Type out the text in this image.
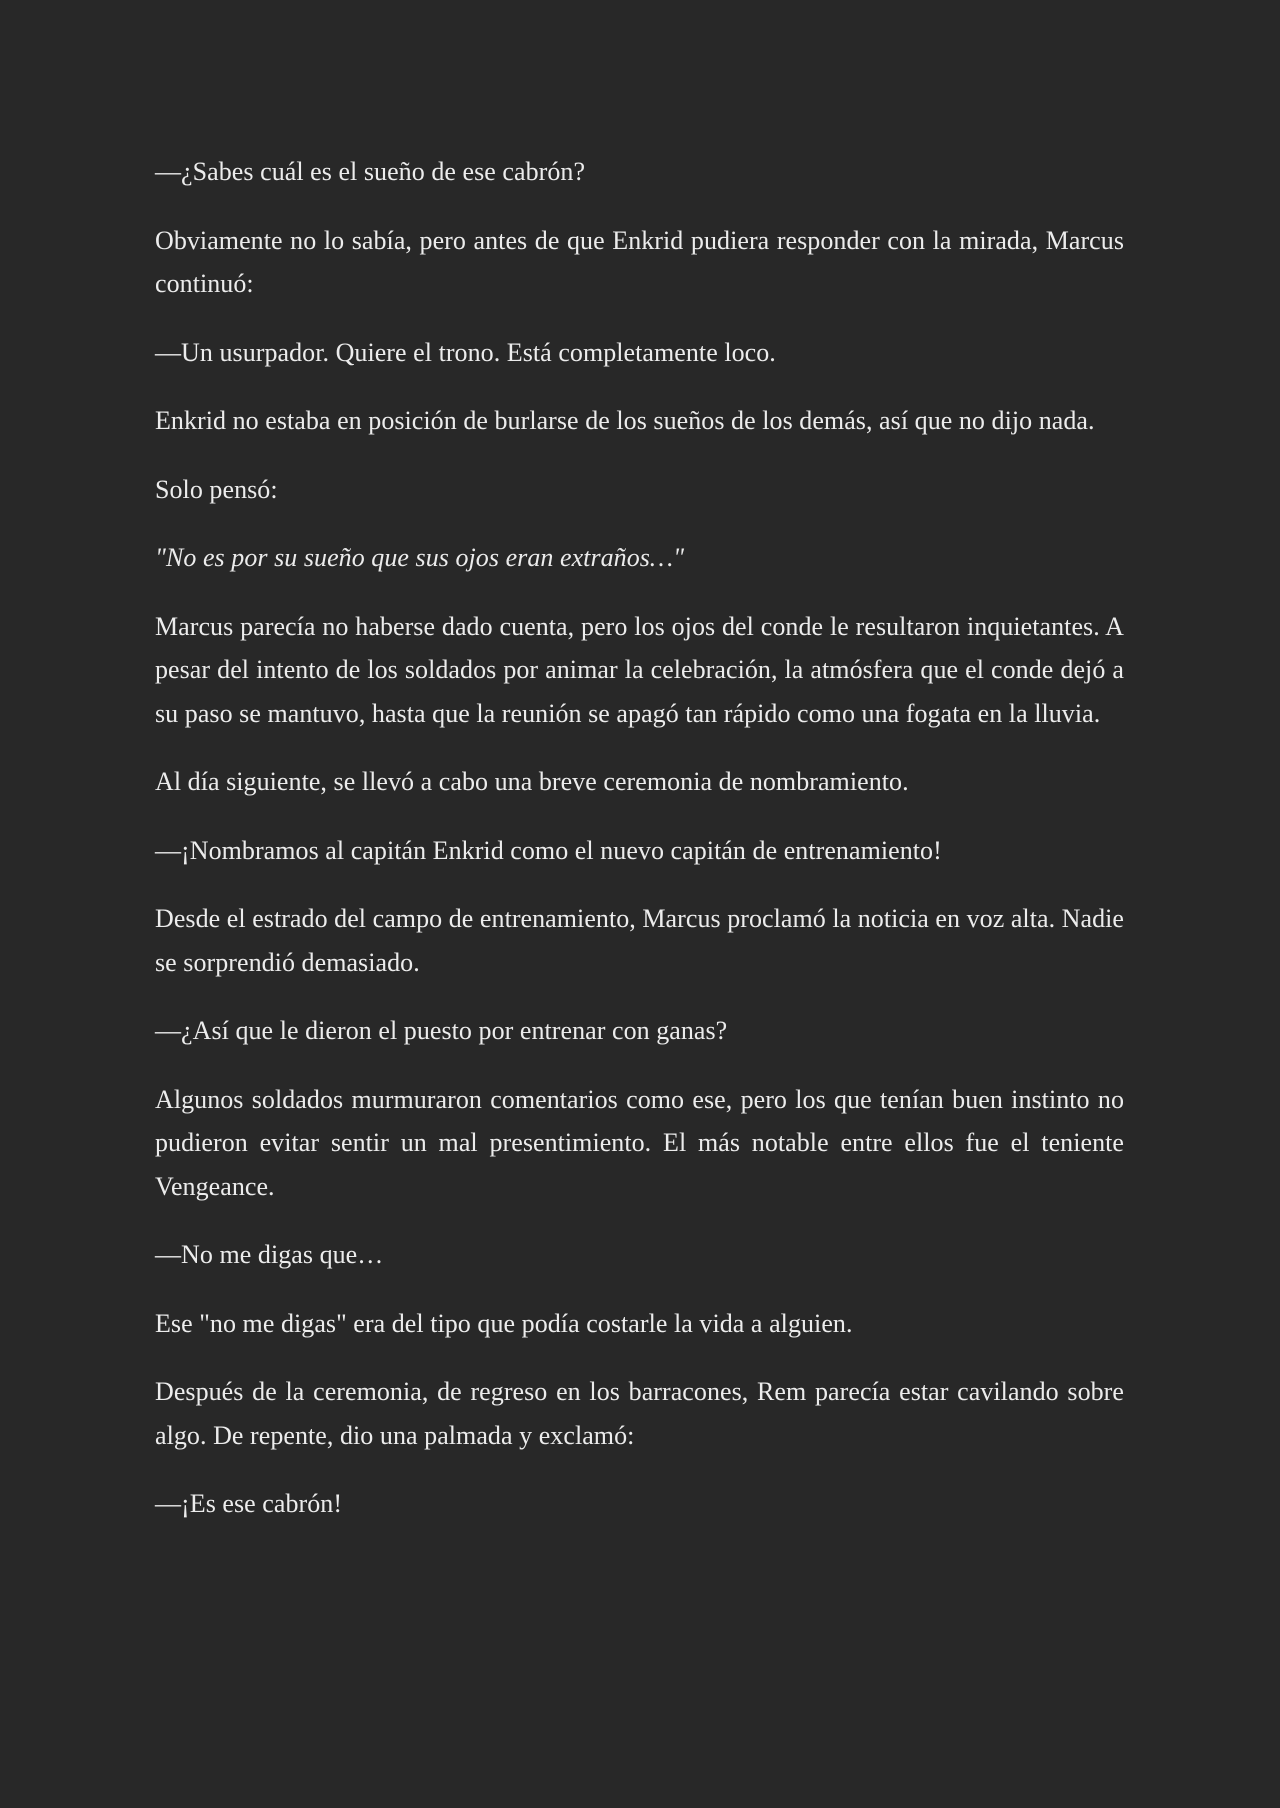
—¿Sabes cuál es el sueño de ese cabrón?

Obviamente no lo sabía, pero antes de que Enkrid pudiera responder con la mirada, Marcus continuó:

—Un usurpador. Quiere el trono. Está completamente loco.

Enkrid no estaba en posición de burlarse de los sueños de los demás, así que no dijo nada.

Solo pensó:

"No es por su sueño que sus ojos eran extraños…"

Marcus parecía no haberse dado cuenta, pero los ojos del conde le resultaron inquietantes. A pesar del intento de los soldados por animar la celebración, la atmósfera que el conde dejó a su paso se mantuvo, hasta que la reunión se apagó tan rápido como una fogata en la lluvia.

Al día siguiente, se llevó a cabo una breve ceremonia de nombramiento.

—¡Nombramos al capitán Enkrid como el nuevo capitán de entrenamiento!

Desde el estrado del campo de entrenamiento, Marcus proclamó la noticia en voz alta. Nadie se sorprendió demasiado.

—¿Así que le dieron el puesto por entrenar con ganas?

Algunos soldados murmuraron comentarios como ese, pero los que tenían buen instinto no pudieron evitar sentir un mal presentimiento. El más notable entre ellos fue el teniente Vengeance.

—No me digas que…

Ese "no me digas" era del tipo que podía costarle la vida a alguien.

Después de la ceremonia, de regreso en los barracones, Rem parecía estar cavilando sobre algo. De repente, dio una palmada y exclamó:

—¡Es ese cabrón!
